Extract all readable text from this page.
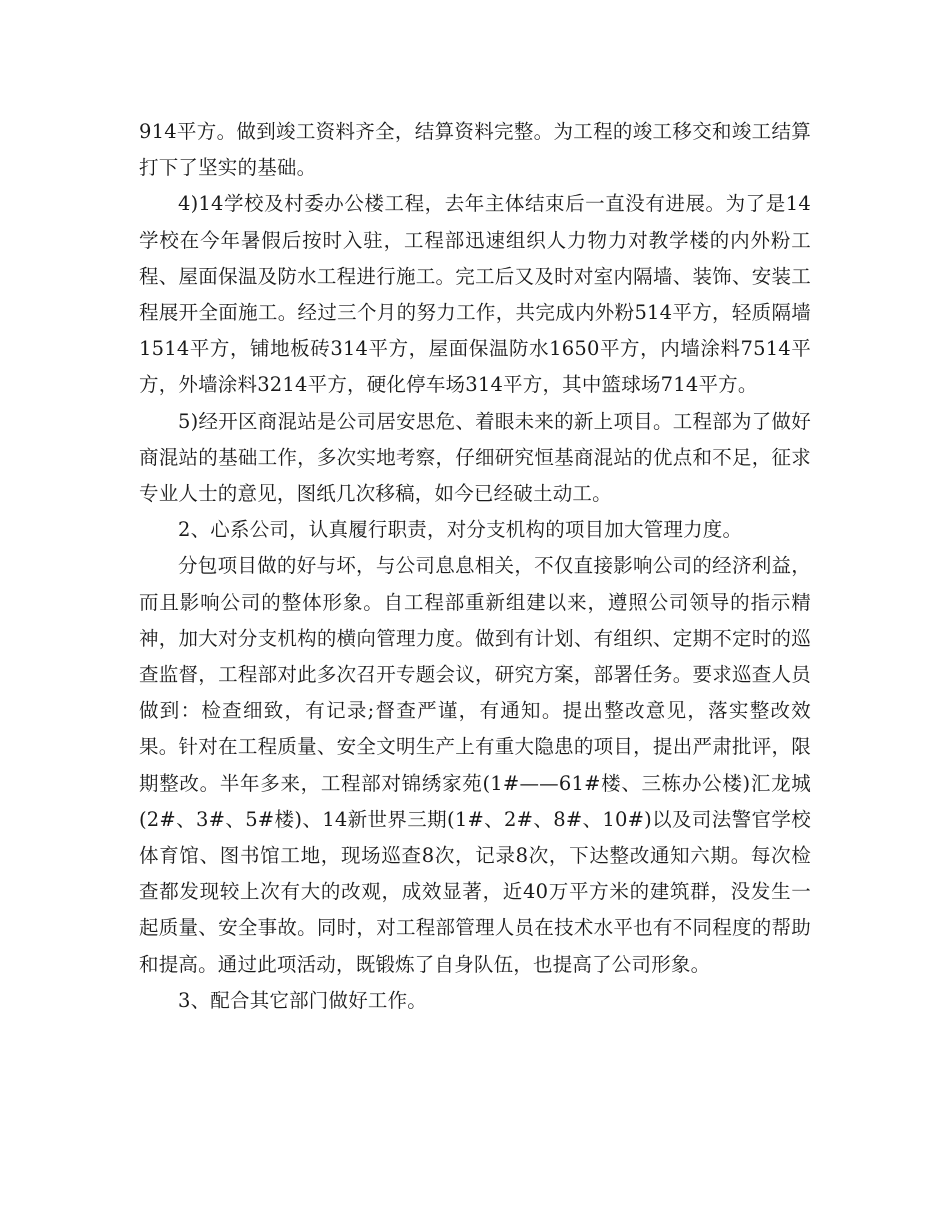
914平方。做到竣工资料齐全，结算资料完整。为工程的竣工移交和竣工结算打下了坚实的基础。

4)14学校及村委办公楼工程，去年主体结束后一直没有进展。为了是14学校在今年暑假后按时入驻，工程部迅速组织人力物力对教学楼的内外粉工程、屋面保温及防水工程进行施工。完工后又及时对室内隔墙、装饰、安装工程展开全面施工。经过三个月的努力工作，共完成内外粉514平方，轻质隔墙1514平方，铺地板砖314平方，屋面保温防水1650平方，内墙涂料7514平方，外墙涂料3214平方，硬化停车场314平方，其中篮球场714平方。

5)经开区商混站是公司居安思危、着眼未来的新上项目。工程部为了做好商混站的基础工作，多次实地考察，仔细研究恒基商混站的优点和不足，征求专业人士的意见，图纸几次移稿，如今已经破土动工。

2、心系公司，认真履行职责，对分支机构的项目加大管理力度。

分包项目做的好与坏，与公司息息相关，不仅直接影响公司的经济利益，而且影响公司的整体形象。自工程部重新组建以来，遵照公司领导的指示精神，加大对分支机构的横向管理力度。做到有计划、有组织、定期不定时的巡查监督，工程部对此多次召开专题会议，研究方案，部署任务。要求巡查人员做到：检查细致，有记录;督查严谨，有通知。提出整改意见，落实整改效果。针对在工程质量、安全文明生产上有重大隐患的项目，提出严肃批评，限期整改。半年多来，工程部对锦绣家苑(1#——61#楼、三栋办公楼)汇龙城(2#、3#、5#楼)、14新世界三期(1#、2#、8#、10#)以及司法警官学校体育馆、图书馆工地，现场巡查8次，记录8次，下达整改通知六期。每次检查都发现较上次有大的改观，成效显著，近40万平方米的建筑群，没发生一起质量、安全事故。同时，对工程部管理人员在技术水平也有不同程度的帮助和提高。通过此项活动，既锻炼了自身队伍，也提高了公司形象。

3、配合其它部门做好工作。
